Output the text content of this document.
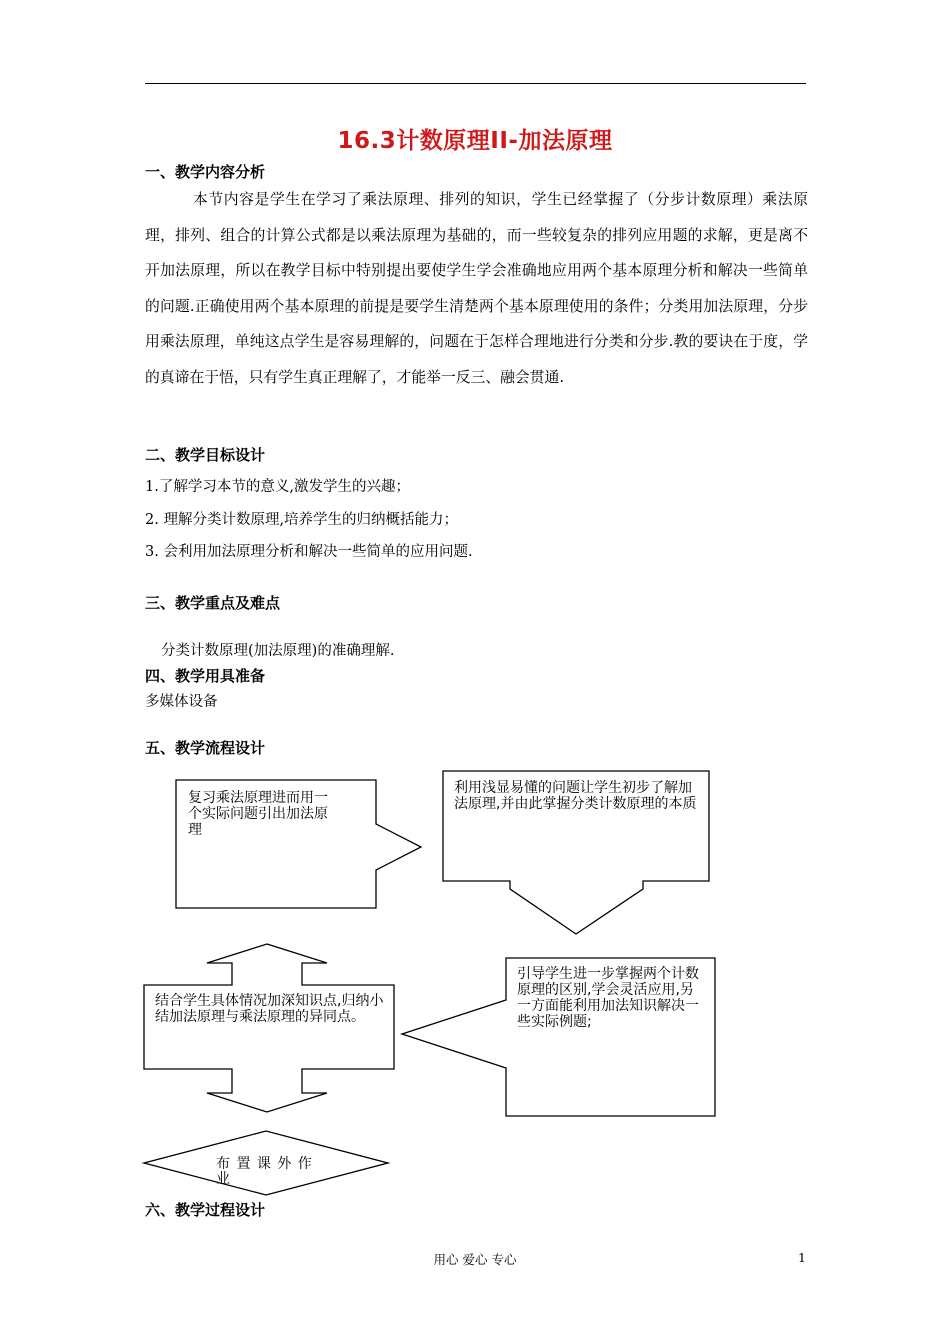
16.3计数原理II-加法原理
一、教学内容分析

本节内容是学生在学习了乘法原理、排列的知识，学生已经掌握了（分步计数原理）乘法原理，排列、组合的计算公式都是以乘法原理为基础的，而一些较复杂的排列应用题的求解，更是离不开加法原理，所以在教学目标中特别提出要使学生学会准确地应用两个基本原理分析和解决一些简单的问题.正确使用两个基本原理的前提是要学生清楚两个基本原理使用的条件；分类用加法原理，分步用乘法原理，单纯这点学生是容易理解的，问题在于怎样合理地进行分类和分步.教的要诀在于度，学的真谛在于悟，只有学生真正理解了，才能举一反三、融会贯通.

二、教学目标设计
1.了解学习本节的意义,激发学生的兴趣；
2. 理解分类计数原理,培养学生的归纳概括能力；
3. 会利用加法原理分析和解决一些简单的应用问题.
三、教学重点及难点
分类计数原理(加法原理)的准确理解.
四、教学用具准备
多媒体设备
五、教学流程设计
复习乘法原理进而用一个实际问题引出加法原理
利用浅显易懂的问题让学生初步了解加法原理,并由此掌握分类计数原理的本质
引导学生进一步掌握两个计数原理的区别,学会灵活应用,另一方面能利用加法知识解决一些实际例题;
结合学生具体情况加深知识点,归纳小结加法原理与乘法原理的异同点。
布 置 课 外 作 业
六、教学过程设计
用心 爱心 专心	1
